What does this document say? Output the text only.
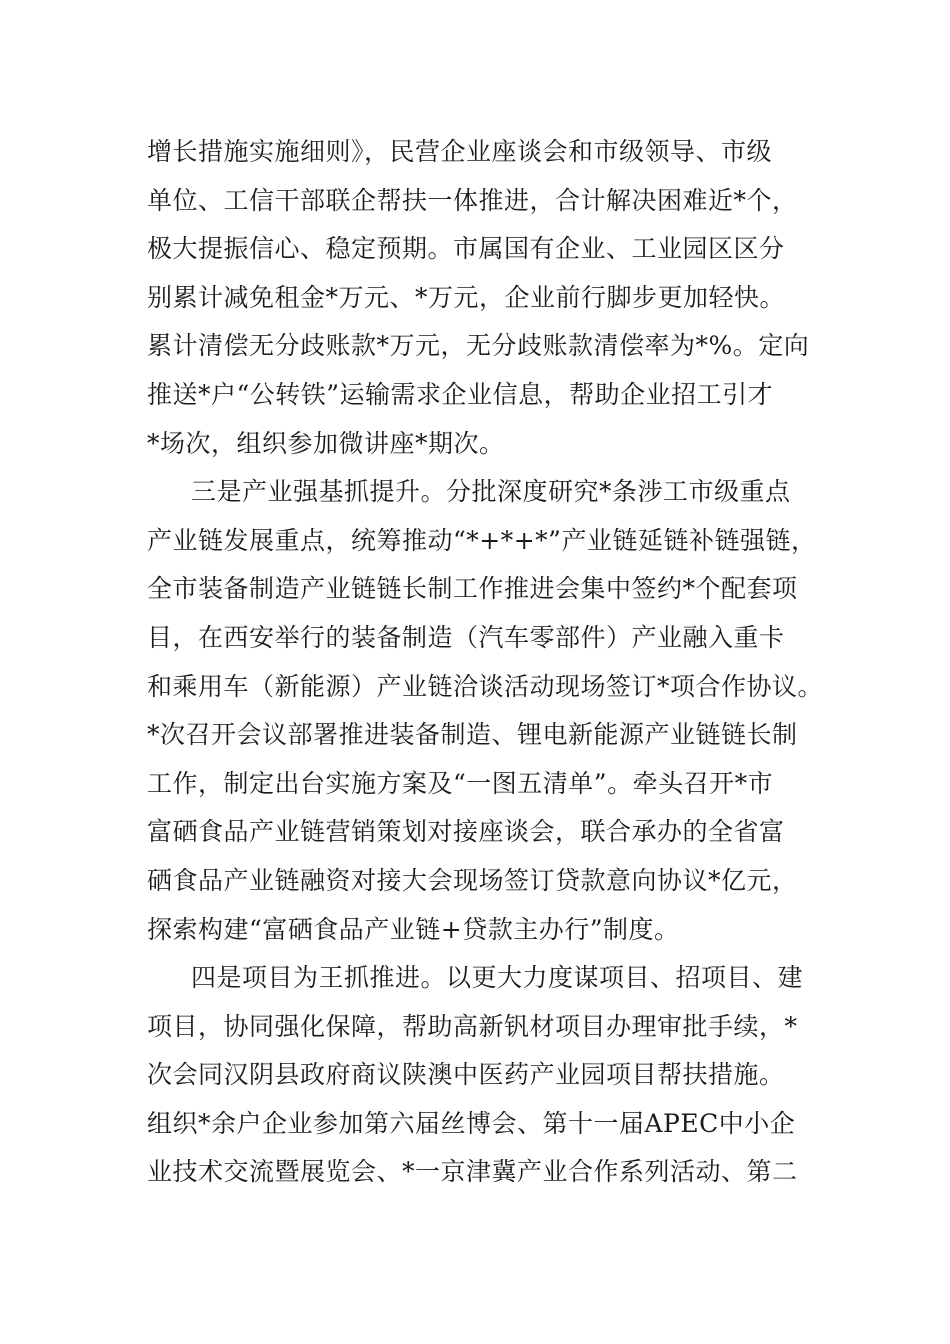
增长措施实施细则》，民营企业座谈会和市级领导、市级
单位、工信干部联企帮扶一体推进，合计解决困难近*个，
极大提振信心、稳定预期。市属国有企业、工业园区区分
别累计减免租金*万元、*万元，企业前行脚步更加轻快。
累计清偿无分歧账款*万元，无分歧账款清偿率为*%。定向
推送*户“公转铁”运输需求企业信息，帮助企业招工引才
*场次，组织参加微讲座*期次。
三是产业强基抓提升。分批深度研究*条涉工市级重点
产业链发展重点，统筹推动“*+*+*”产业链延链补链强链，
全市装备制造产业链链长制工作推进会集中签约*个配套项
目，在西安举行的装备制造（汽车零部件）产业融入重卡
和乘用车（新能源）产业链洽谈活动现场签订*项合作协议。
*次召开会议部署推进装备制造、锂电新能源产业链链长制
工作，制定出台实施方案及“一图五清单”。牵头召开*市
富硒食品产业链营销策划对接座谈会，联合承办的全省富
硒食品产业链融资对接大会现场签订贷款意向协议*亿元，
探索构建“富硒食品产业链+贷款主办行”制度。
四是项目为王抓推进。以更大力度谋项目、招项目、建
项目，协同强化保障，帮助高新钒材项目办理审批手续，*
次会同汉阴县政府商议陕澳中医药产业园项目帮扶措施。
组织*余户企业参加第六届丝博会、第十一届APEC中小企
业技术交流暨展览会、*一京津冀产业合作系列活动、第二
